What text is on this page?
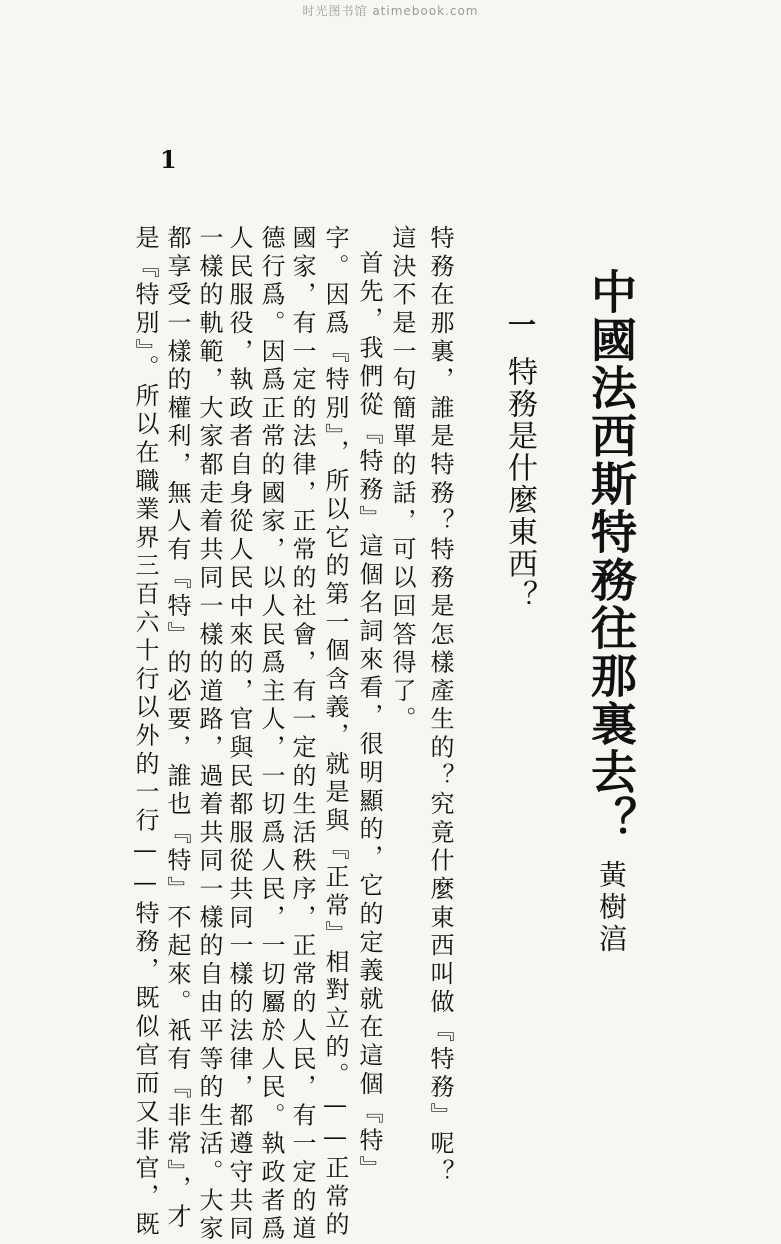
时光图书馆 atimebook.com
1
中國法西斯特務往那裏去？
黃樹湻
一
特務是什麼東西？
特務在那裏，誰是特務？特務是怎樣產生的？究竟什麼東西叫做『特務』呢？
這決不是一句簡單的話，可以回答得了。
首先，我們從『特務』這個名詞來看，很明顯的，它的定義就在這個『特』
字。因爲『特別』，所以它的第一個含義，就是與『正常』相對立的。——正常的
國家，有一定的法律，正常的社會，有一定的生活秩序，正常的人民，有一定的道
德行爲。因爲正常的國家，以人民爲主人，一切爲人民，一切屬於人民。執政者爲
人民服役，執政者自身從人民中來的，官與民都服從共同一樣的法律，都遵守共同
一樣的軌範，大家都走着共同一樣的道路，過着共同一樣的自由平等的生活。大家
都享受一樣的權利，無人有『特』的必要，誰也『特』不起來。衹有『非常』，才
是『特別』。所以在職業界三百六十行以外的一行——特務，既似官而又非官，既
